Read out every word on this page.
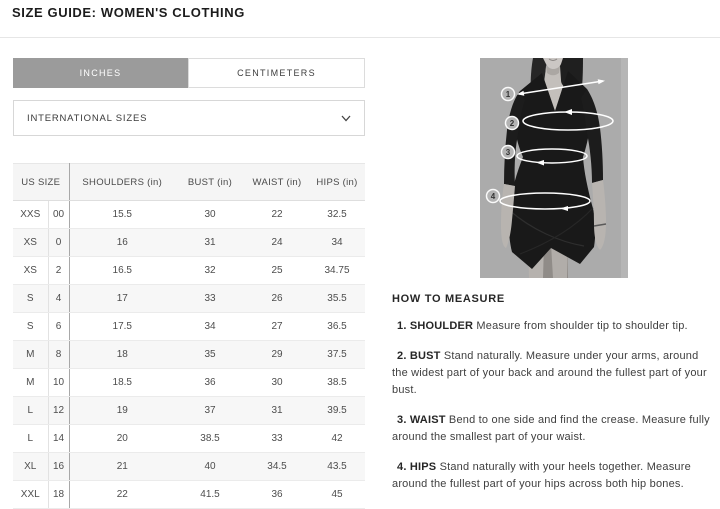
SIZE GUIDE: WOMEN'S CLOTHING
INCHES	CENTIMETERS
INTERNATIONAL SIZES
US SIZE		SHOULDERS (in)	BUST (in)	WAIST (in)	HIPS (in)
XXS	00	15.5	30	22	32.5
XS	0	16	31	24	34
XS	2	16.5	32	25	34.75
S	4	17	33	26	35.5
S	6	17.5	34	27	36.5
M	8	18	35	29	37.5
M	10	18.5	36	30	38.5
L	12	19	37	31	39.5
L	14	20	38.5	33	42
XL	16	21	40	34.5	43.5
XXL	18	22	41.5	36	45
1
2
3
4
HOW TO MEASURE

1. SHOULDER Measure from shoulder tip to shoulder tip.

2. BUST Stand naturally. Measure under your arms, around the widest part of your back and around the fullest part of your bust.

3. WAIST Bend to one side and find the crease. Measure fully around the smallest part of your waist.

4. HIPS Stand naturally with your heels together. Measure around the fullest part of your hips across both hip bones.
